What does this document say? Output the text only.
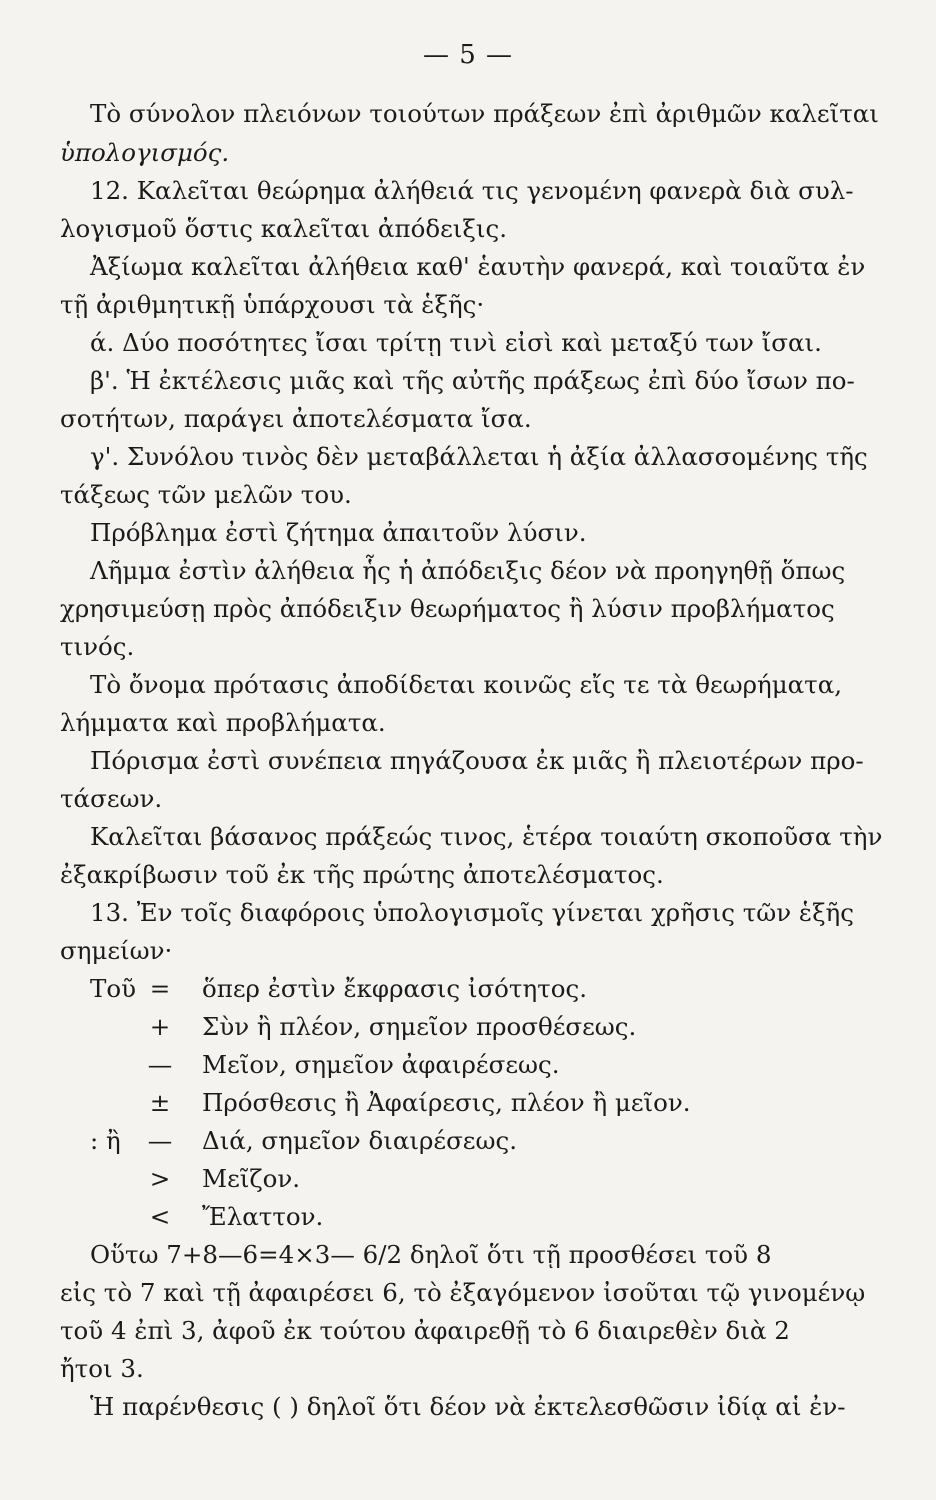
— 5 —
Τὸ σύνολον πλειόνων τοιούτων πράξεων ἐπὶ ἀριθμῶν καλεῖται
ὑπολογισμός.
12. Καλεῖται θεώρημα ἀλήθειά τις γενομένη φανερὰ διὰ συλ-
λογισμοῦ ὅστις καλεῖται ἀπόδειξις.
Ἀξίωμα καλεῖται ἀλήθεια καθ' ἑαυτὴν φανερά, καὶ τοιαῦτα ἐν
τῇ ἀριθμητικῇ ὑπάρχουσι τὰ ἑξῆς·
ά. Δύο ποσότητες ἴσαι τρίτῃ τινὶ εἰσὶ καὶ μεταξύ των ἴσαι.
β'. Ἡ ἐκτέλεσις μιᾶς καὶ τῆς αὐτῆς πράξεως ἐπὶ δύο ἴσων πο-
σοτήτων, παράγει ἀποτελέσματα ἴσα.
γ'. Συνόλου τινὸς δὲν μεταβάλλεται ἡ ἀξία ἀλλασσομένης τῆς
τάξεως τῶν μελῶν του.
Πρόβλημα ἐστὶ ζήτημα ἀπαιτοῦν λύσιν.
Λῆμμα ἐστὶν ἀλήθεια ἧς ἡ ἀπόδειξις δέον νὰ προηγηθῇ ὅπως
χρησιμεύσῃ πρὸς ἀπόδειξιν θεωρήματος ἢ λύσιν προβλήματος
τινός.
Τὸ ὄνομα πρότασις ἀποδίδεται κοινῶς εἴς τε τὰ θεωρήματα,
λήμματα καὶ προβλήματα.
Πόρισμα ἐστὶ συνέπεια πηγάζουσα ἐκ μιᾶς ἢ πλειοτέρων προ-
τάσεων.
Καλεῖται βάσανος πράξεώς τινος, ἑτέρα τοιαύτη σκοποῦσα τὴν
ἐξακρίβωσιν τοῦ ἐκ τῆς πρώτης ἀποτελέσματος.
13. Ἐν τοῖς διαφόροις ὑπολογισμοῖς γίνεται χρῆσις τῶν ἑξῆς
σημείων·
Τοῦ = ὅπερ ἐστὶν ἔκφρασις ἰσότητος.
+ Σὺν ἢ πλέον, σημεῖον προσθέσεως.
— Μεῖον, σημεῖον ἀφαιρέσεως.
± Πρόσθεσις ἢ Ἀφαίρεσις, πλέον ἢ μεῖον.
: ἢ — Διά, σημεῖον διαιρέσεως.
> Μεῖζον.
< Ἔλαττον.
Οὕτω 7+8—6=4×3— 6/2 δηλοῖ ὅτι τῇ προσθέσει τοῦ 8
εἰς τὸ 7 καὶ τῇ ἀφαιρέσει 6, τὸ ἐξαγόμενον ἰσοῦται τῷ γινομένῳ
τοῦ 4 ἐπὶ 3, ἀφοῦ ἐκ τούτου ἀφαιρεθῇ τὸ 6 διαιρεθὲν διὰ 2
ἤτοι 3.
Ἡ παρένθεσις ( ) δηλοῖ ὅτι δέον νὰ ἐκτελεσθῶσιν ἰδίᾳ αἱ ἐν-
